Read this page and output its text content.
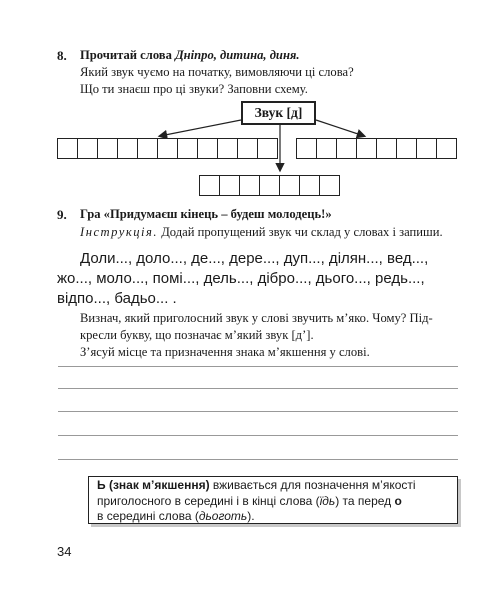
8. Прочитай слова Дніпро, дитина, диня.
Який звук чуємо на початку, вимовляючи ці слова?
Що ти знаєш про ці звуки? Заповни схему.
Звук [д]
9. Гра «Придумаєш кінець – будеш молодець!»
Інструкція. Додай пропущений звук чи склад у словах і запиши.
Доли..., доло..., де..., дере..., дуп..., ділян..., вед...,
жо..., моло..., помі..., дель..., дібро..., дього..., редь...,
відпо..., бадьо... .
Визнач, який приголосний звук у слові звучить м’яко. Чому? Під-
кресли букву, що позначає м’який звук [д’].
З’ясуй місце та призначення знака м’якшення у слові.
Ь (знак м’якшення) вживається для позначення м’якості
приголосного в середині і в кінці слова (їдь) та перед о
в середині слова (дьоготь).
34
